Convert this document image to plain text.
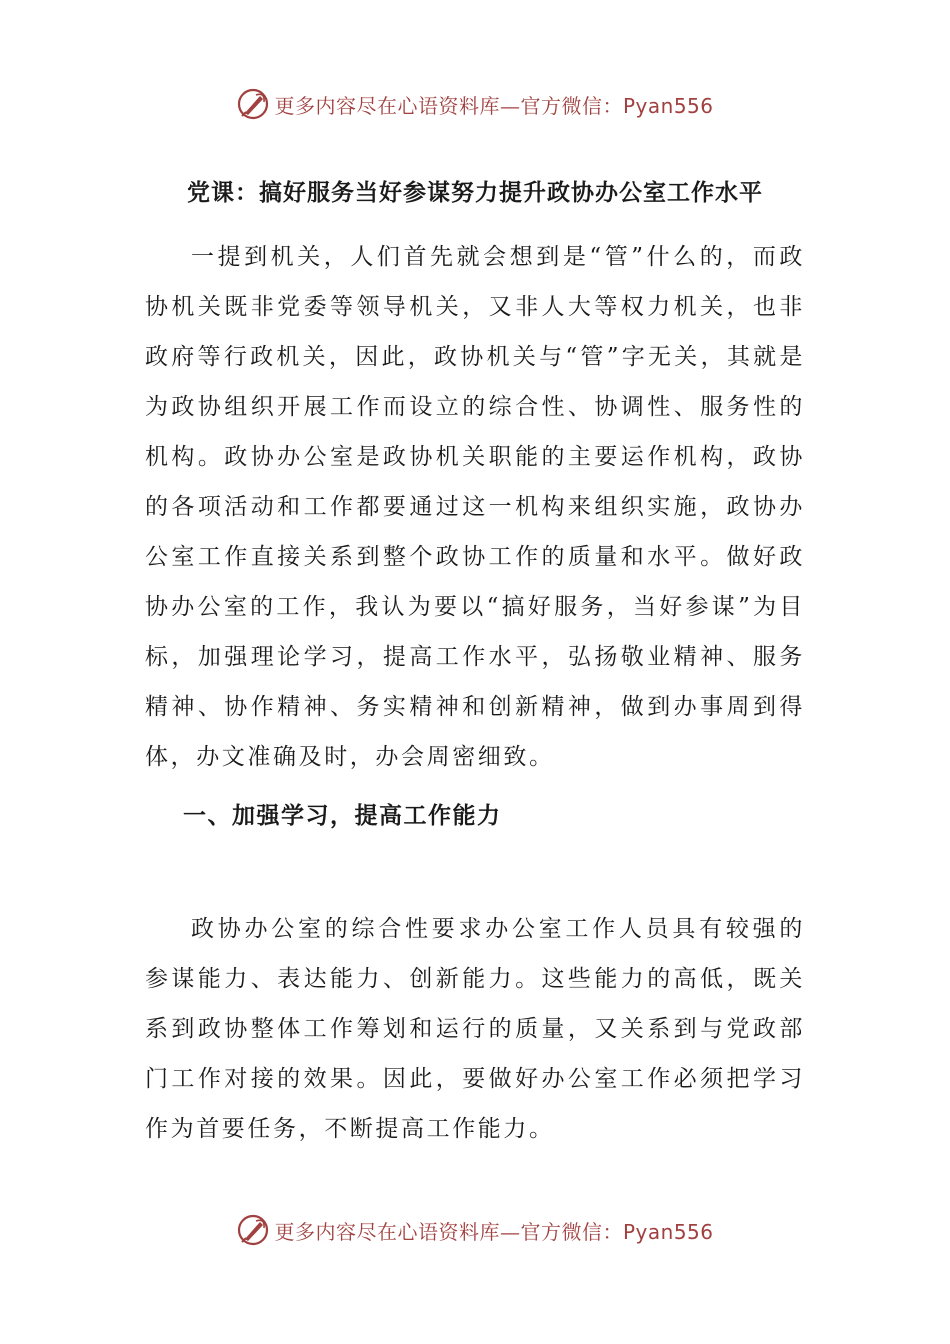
更多内容尽在心语资料库—官方微信：Pyan556
党课：搞好服务当好参谋努力提升政协办公室工作水平

一提到机关，人们首先就会想到是“管”什么的，而政协机关既非党委等领导机关，又非人大等权力机关，也非政府等行政机关，因此，政协机关与“管”字无关，其就是为政协组织开展工作而设立的综合性、协调性、服务性的机构。政协办公室是政协机关职能的主要运作机构，政协的各项活动和工作都要通过这一机构来组织实施，政协办公室工作直接关系到整个政协工作的质量和水平。做好政协办公室的工作，我认为要以“搞好服务，当好参谋”为目标，加强理论学习，提高工作水平，弘扬敬业精神、服务精神、协作精神、务实精神和创新精神，做到办事周到得体，办文准确及时，办会周密细致。

一、加强学习，提高工作能力

政协办公室的综合性要求办公室工作人员具有较强的参谋能力、表达能力、创新能力。这些能力的高低，既关系到政协整体工作筹划和运行的质量，又关系到与党政部门工作对接的效果。因此，要做好办公室工作必须把学习作为首要任务，不断提高工作能力。

更多内容尽在心语资料库—官方微信：Pyan556
